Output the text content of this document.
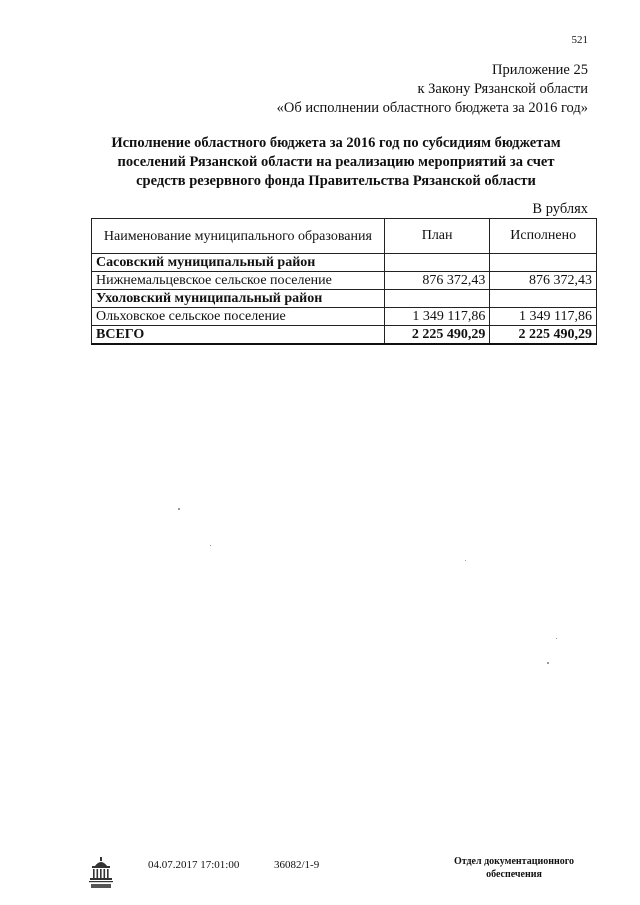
521
Приложение 25
к Закону Рязанской области
«Об исполнении областного бюджета за 2016 год»
Исполнение областного бюджета за 2016 год по субсидиям бюджетам
поселений Рязанской области на реализацию мероприятий за счет
средств резервного фонда Правительства Рязанской области
В рублях
Наименование муниципального образования	План	Исполнено
Сасовский муниципальный район		
Нижнемальцевское сельское поселение	876 372,43	876 372,43
Ухоловский муниципальный район		
Ольховское сельское поселение	1 349 117,86	1 349 117,86
ВСЕГО	2 225 490,29	2 225 490,29
04.07.2017 17:01:00	36082/1-9	Отдел документационного
обеспечения
